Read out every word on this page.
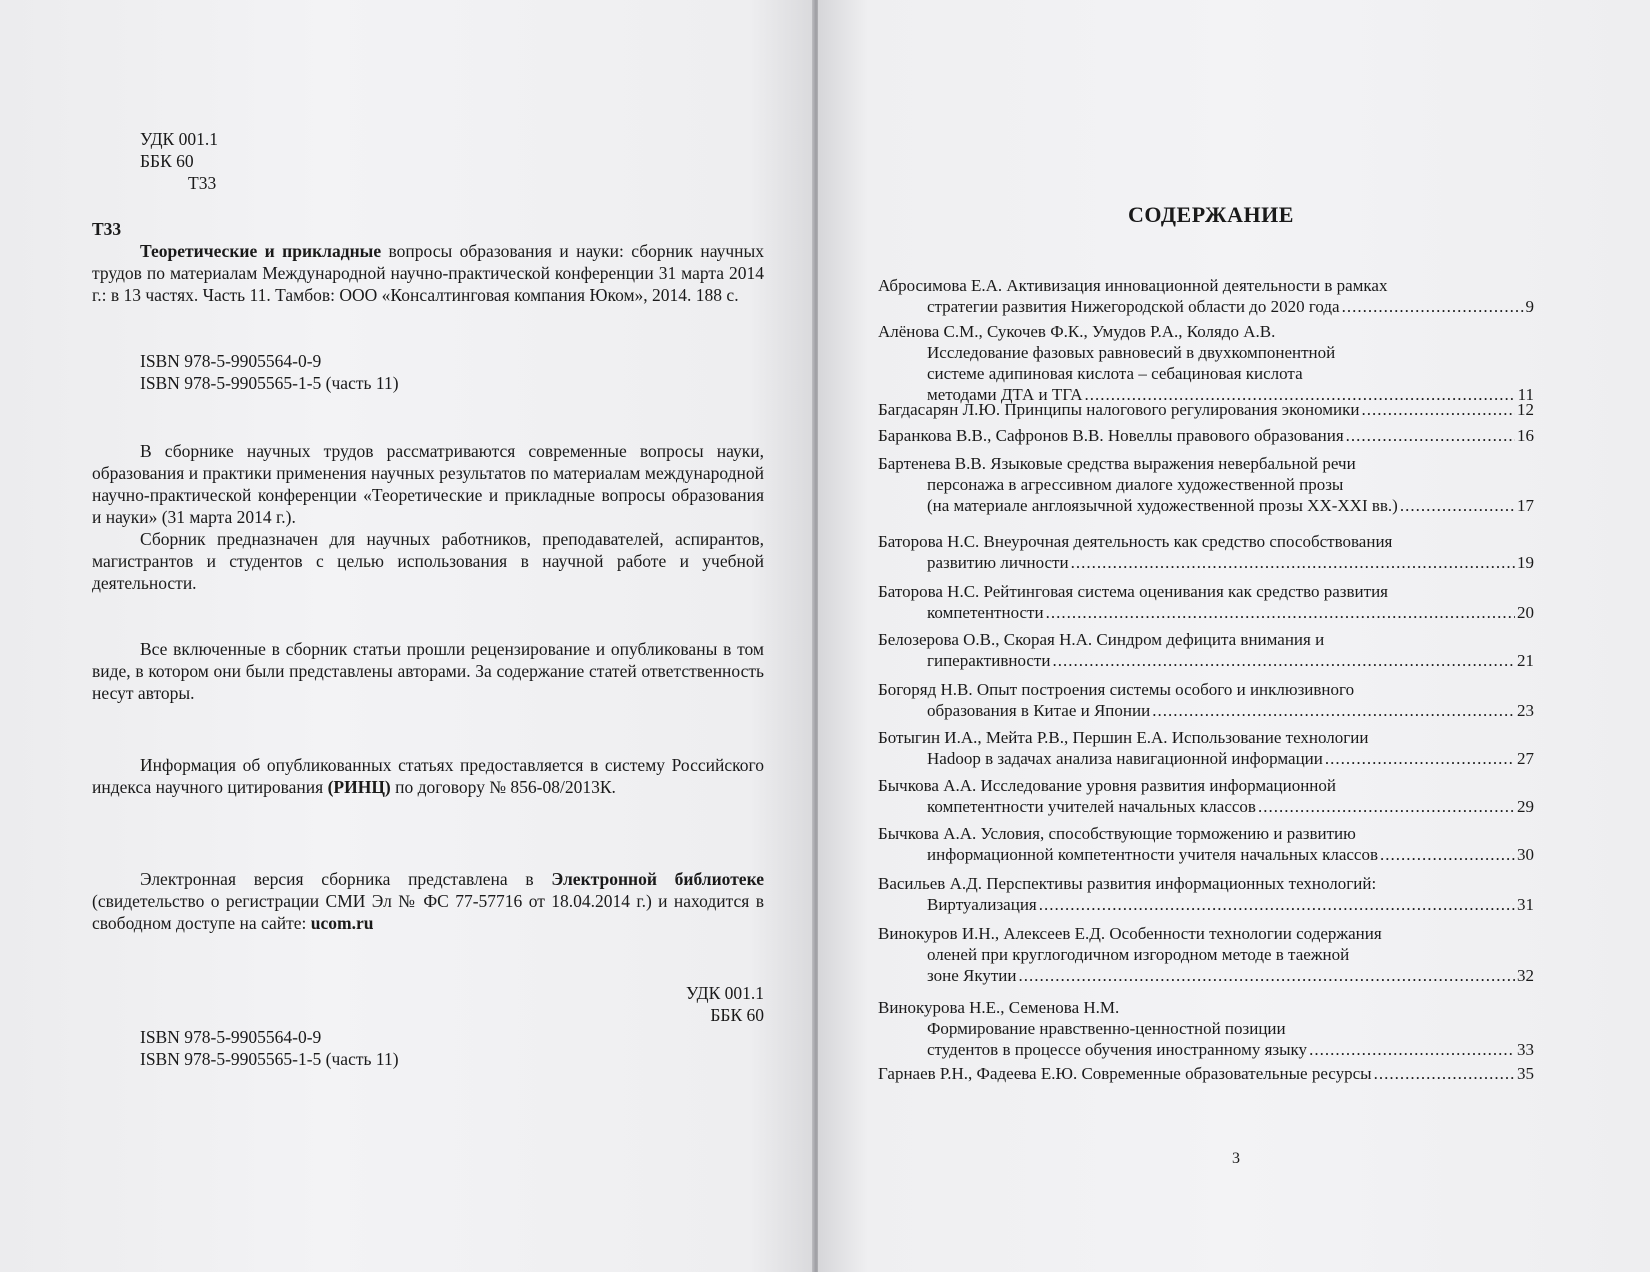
УДК 001.1
ББК 60
Т33
Т33
Теоретические и прикладные вопросы образования и науки: сборник научных трудов по материалам Международной научно-практической конференции 31 марта 2014 г.: в 13 частях. Часть 11. Тамбов: ООО «Консалтинговая компания Юком», 2014. 188 с.
ISBN 978-5-9905564-0-9
ISBN 978-5-9905565-1-5 (часть 11)
В сборнике научных трудов рассматриваются современные вопросы науки, образования и практики применения научных результатов по материалам международной научно-практической конференции «Теоретические и прикладные вопросы образования и науки» (31 марта 2014 г.).
Сборник предназначен для научных работников, преподавателей, аспирантов, магистрантов и студентов с целью использования в научной работе и учебной деятельности.
Все включенные в сборник статьи прошли рецензирование и опубликованы в том виде, в котором они были представлены авторами. За содержание статей ответственность несут авторы.
Информация об опубликованных статьях предоставляется в систему Российского индекса научного цитирования (РИНЦ) по договору № 856-08/2013К.
Электронная версия сборника представлена в Электронной библиотеке (свидетельство о регистрации СМИ Эл № ФС 77-57716 от 18.04.2014 г.) и находится в свободном доступе на сайте: ucom.ru
УДК 001.1
ББК 60
ISBN 978-5-9905564-0-9
ISBN 978-5-9905565-1-5 (часть 11)
СОДЕРЖАНИЕ
Абросимова Е.А. Активизация инновационной деятельности в рамках
стратегии развития Нижегородской области до 2020 года .....	9
Алёнова С.М., Сукочев Ф.К., Умудов Р.А., Колядо А.В.
Исследование фазовых равновесий в двухкомпонентной
системе адипиновая кислота – себациновая кислота
методами ДТА и ТГА .....	11
Багдасарян Л.Ю. Принципы налогового регулирования экономики .....	12
Баранкова В.В., Сафронов В.В. Новеллы правового образования .....	16
Бартенева В.В. Языковые средства выражения невербальной речи
персонажа в агрессивном диалоге художественной прозы
(на материале англоязычной художественной прозы XX-XXI вв.) .....	17
Баторова Н.С. Внеурочная деятельность как средство способствования
развитию личности .....	19
Баторова Н.С. Рейтинговая система оценивания как средство развития
компетентности .....	20
Белозерова О.В., Скорая Н.А. Синдром дефицита внимания и
гиперактивности .....	21
Богоряд Н.В. Опыт построения системы особого и инклюзивного
образования в Китае и Японии .....	23
Ботыгин И.А., Мейта Р.В., Першин Е.А. Использование технологии
Hadoop в задачах анализа навигационной информации .....	27
Бычкова А.А. Исследование уровня развития информационной
компетентности учителей начальных классов .....	29
Бычкова А.А. Условия, способствующие торможению и развитию
информационной компетентности учителя начальных классов .....	30
Васильев А.Д. Перспективы развития информационных технологий:
Виртуализация .....	31
Винокуров И.Н., Алексеев Е.Д. Особенности технологии содержания
оленей при круглогодичном изгородном методе в таежной
зоне Якутии .....	32
Винокурова Н.Е., Семенова Н.М.
Формирование нравственно-ценностной позиции
студентов в процессе обучения иностранному языку .....	33
Гарнаев Р.Н., Фадеева Е.Ю. Современные образовательные ресурсы .....	35
3
